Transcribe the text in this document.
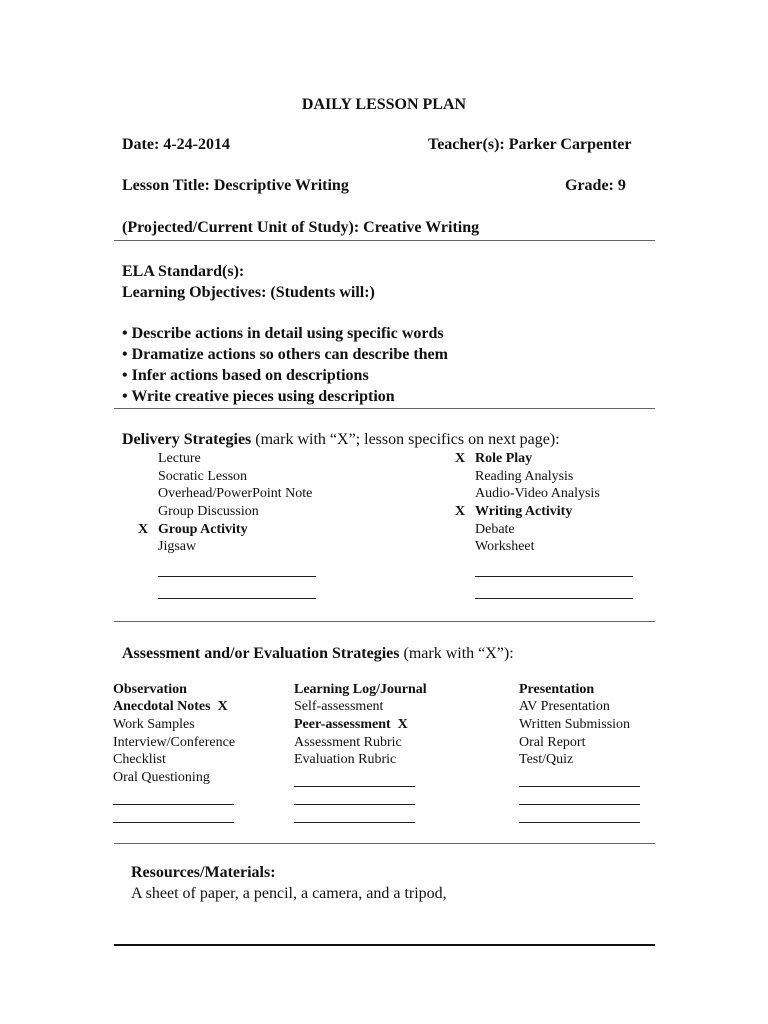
DAILY LESSON PLAN
Date: 4-24-2014	Teacher(s): Parker Carpenter
Lesson Title: Descriptive Writing	Grade: 9
(Projected/Current Unit of Study): Creative Writing
ELA Standard(s):
Learning Objectives: (Students will:)
• Describe actions in detail using specific words
• Dramatize actions so others can describe them
• Infer actions based on descriptions
• Write creative pieces using description
Delivery Strategies (mark with “X”; lesson specifics on next page):
Lecture
Socratic Lesson
Overhead/PowerPoint Note
Group Discussion
X Group Activity
Jigsaw
X Role Play
Reading Analysis
Audio-Video Analysis
X Writing Activity
Debate
Worksheet
Assessment and/or Evaluation Strategies (mark with “X”):
Observation
Anecdotal Notes  X
Work Samples
Interview/Conference
Checklist
Oral Questioning
Learning Log/Journal
Self-assessment
Peer-assessment  X
Assessment Rubric
Evaluation Rubric
Presentation
AV Presentation
Written Submission
Oral Report
Test/Quiz
Resources/Materials:
A sheet of paper, a pencil, a camera, and a tripod,
